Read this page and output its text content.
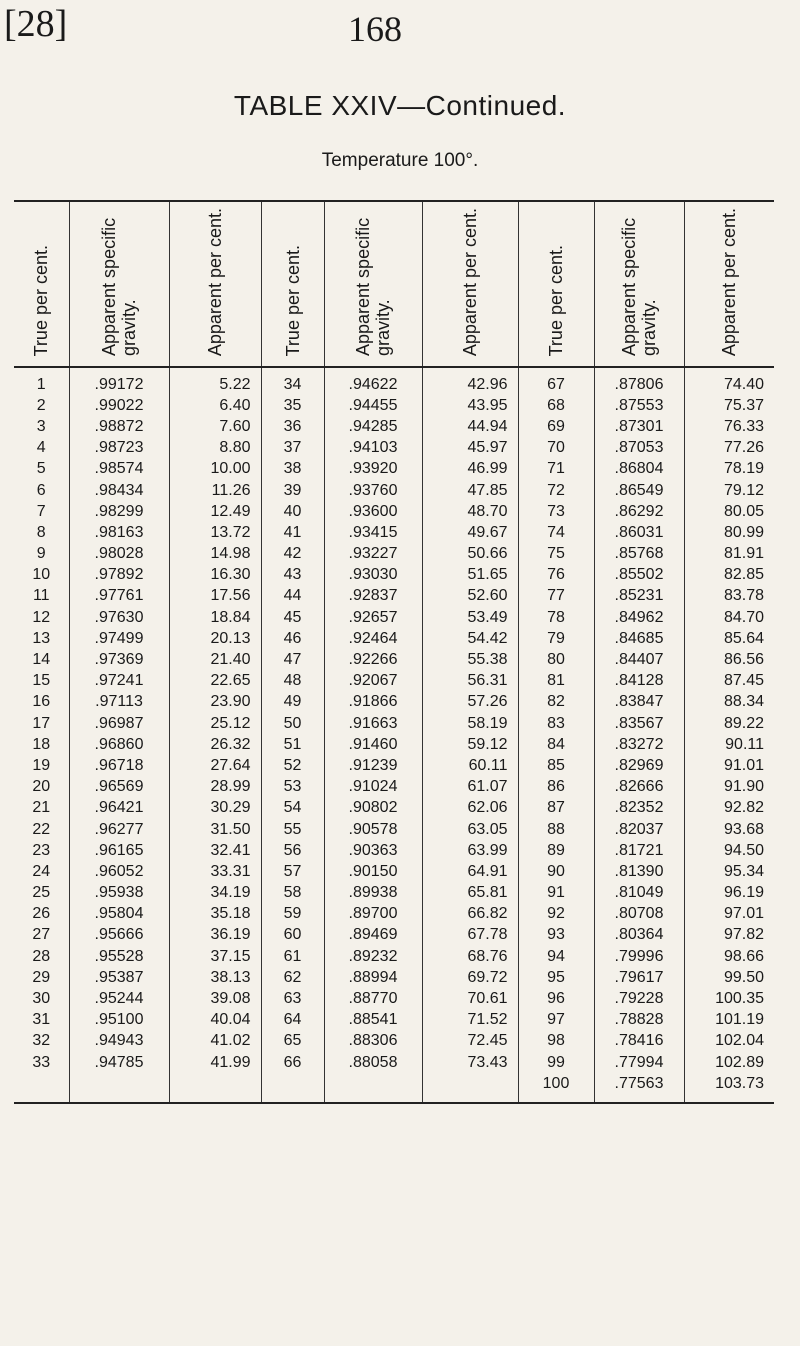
[28]	168
TABLE XXIV—Continued.
Temperature 100°.
True per cent.	Apparent specific gravity.	Apparent per cent.	True per cent.	Apparent specific gravity.	Apparent per cent.	True per cent.	Apparent specific gravity.	Apparent per cent.

1	.99172	5.22	34	.94622	42.96	67	.87806	74.40
2	.99022	6.40	35	.94455	43.95	68	.87553	75.37
3	.98872	7.60	36	.94285	44.94	69	.87301	76.33
4	.98723	8.80	37	.94103	45.97	70	.87053	77.26
5	.98574	10.00	38	.93920	46.99	71	.86804	78.19
6	.98434	11.26	39	.93760	47.85	72	.86549	79.12
7	.98299	12.49	40	.93600	48.70	73	.86292	80.05
8	.98163	13.72	41	.93415	49.67	74	.86031	80.99
9	.98028	14.98	42	.93227	50.66	75	.85768	81.91
10	.97892	16.30	43	.93030	51.65	76	.85502	82.85
11	.97761	17.56	44	.92837	52.60	77	.85231	83.78
12	.97630	18.84	45	.92657	53.49	78	.84962	84.70
13	.97499	20.13	46	.92464	54.42	79	.84685	85.64
14	.97369	21.40	47	.92266	55.38	80	.84407	86.56
15	.97241	22.65	48	.92067	56.31	81	.84128	87.45
16	.97113	23.90	49	.91866	57.26	82	.83847	88.34
17	.96987	25.12	50	.91663	58.19	83	.83567	89.22
18	.96860	26.32	51	.91460	59.12	84	.83272	90.11
19	.96718	27.64	52	.91239	60.11	85	.82969	91.01
20	.96569	28.99	53	.91024	61.07	86	.82666	91.90
21	.96421	30.29	54	.90802	62.06	87	.82352	92.82
22	.96277	31.50	55	.90578	63.05	88	.82037	93.68
23	.96165	32.41	56	.90363	63.99	89	.81721	94.50
24	.96052	33.31	57	.90150	64.91	90	.81390	95.34
25	.95938	34.19	58	.89938	65.81	91	.81049	96.19
26	.95804	35.18	59	.89700	66.82	92	.80708	97.01
27	.95666	36.19	60	.89469	67.78	93	.80364	97.82
28	.95528	37.15	61	.89232	68.76	94	.79996	98.66
29	.95387	38.13	62	.88994	69.72	95	.79617	99.50
30	.95244	39.08	63	.88770	70.61	96	.79228	100.35
31	.95100	40.04	64	.88541	71.52	97	.78828	101.19
32	.94943	41.02	65	.88306	72.45	98	.78416	102.04
33	.94785	41.99	66	.88058	73.43	99	.77994	102.89
						100	.77563	103.73
